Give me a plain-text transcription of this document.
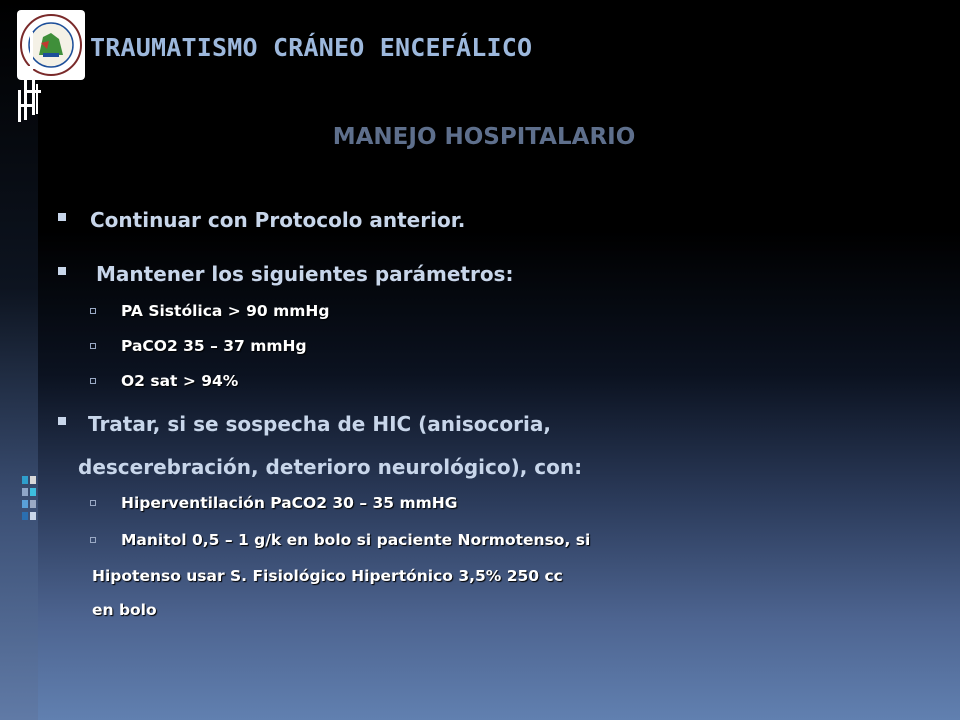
TRAUMATISMO CRÁNEO ENCEFÁLICO
MANEJO HOSPITALARIO
Continuar con Protocolo anterior.
Mantener los siguientes parámetros:
PA Sistólica > 90 mmHg
PaCO2 35 – 37 mmHg
O2 sat > 94%
Tratar, si se sospecha de HIC (anisocoria,
descerebración, deterioro neurológico), con:
Hiperventilación PaCO2 30 – 35 mmHG
Manitol 0,5 – 1 g/k en bolo si paciente Normotenso, si
Hipotenso usar S. Fisiológico Hipertónico 3,5% 250 cc
en bolo
